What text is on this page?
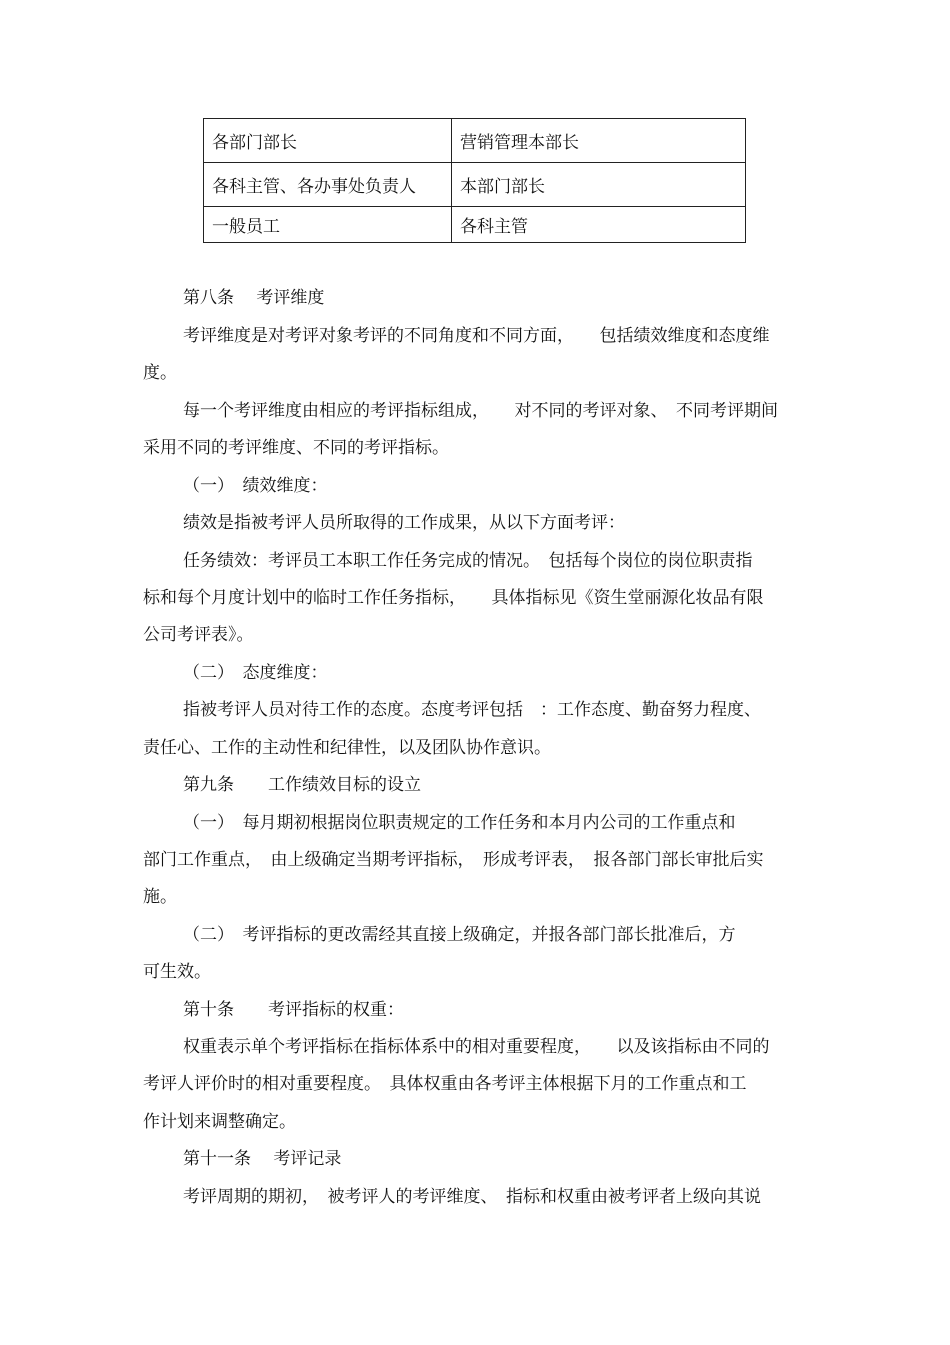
各部门部长	营销管理本部长
各科主管、各办事处负责人	本部门部长
一般员工	各科主管

第八条　 考评维度

考评维度是对考评对象考评的不同角度和不同方面，　　包括绩效维度和态度维

度。

每一个考评维度由相应的考评指标组成，　　对不同的考评对象、　不同考评期间

采用不同的考评维度、不同的考评指标。

（一）　绩效维度：

绩效是指被考评人员所取得的工作成果，从以下方面考评：

任务绩效：考评员工本职工作任务完成的情况。　包括每个岗位的岗位职责指

标和每个月度计划中的临时工作任务指标，　　具体指标见《资生堂丽源化妆品有限

公司考评表》。

（二）　态度维度：

指被考评人员对待工作的态度。态度考评包括　：工作态度、勤奋努力程度、

责任心、工作的主动性和纪律性，以及团队协作意识。

第九条　　工作绩效目标的设立

（一）　每月期初根据岗位职责规定的工作任务和本月内公司的工作重点和

部门工作重点，　由上级确定当期考评指标，　形成考评表，　报各部门部长审批后实

施。

（二）　考评指标的更改需经其直接上级确定，并报各部门部长批准后，方

可生效。

第十条　　考评指标的权重：

权重表示单个考评指标在指标体系中的相对重要程度，　　以及该指标由不同的

考评人评价时的相对重要程度。　具体权重由各考评主体根据下月的工作重点和工

作计划来调整确定。

第十一条　 考评记录

考评周期的期初，　被考评人的考评维度、　指标和权重由被考评者上级向其说
